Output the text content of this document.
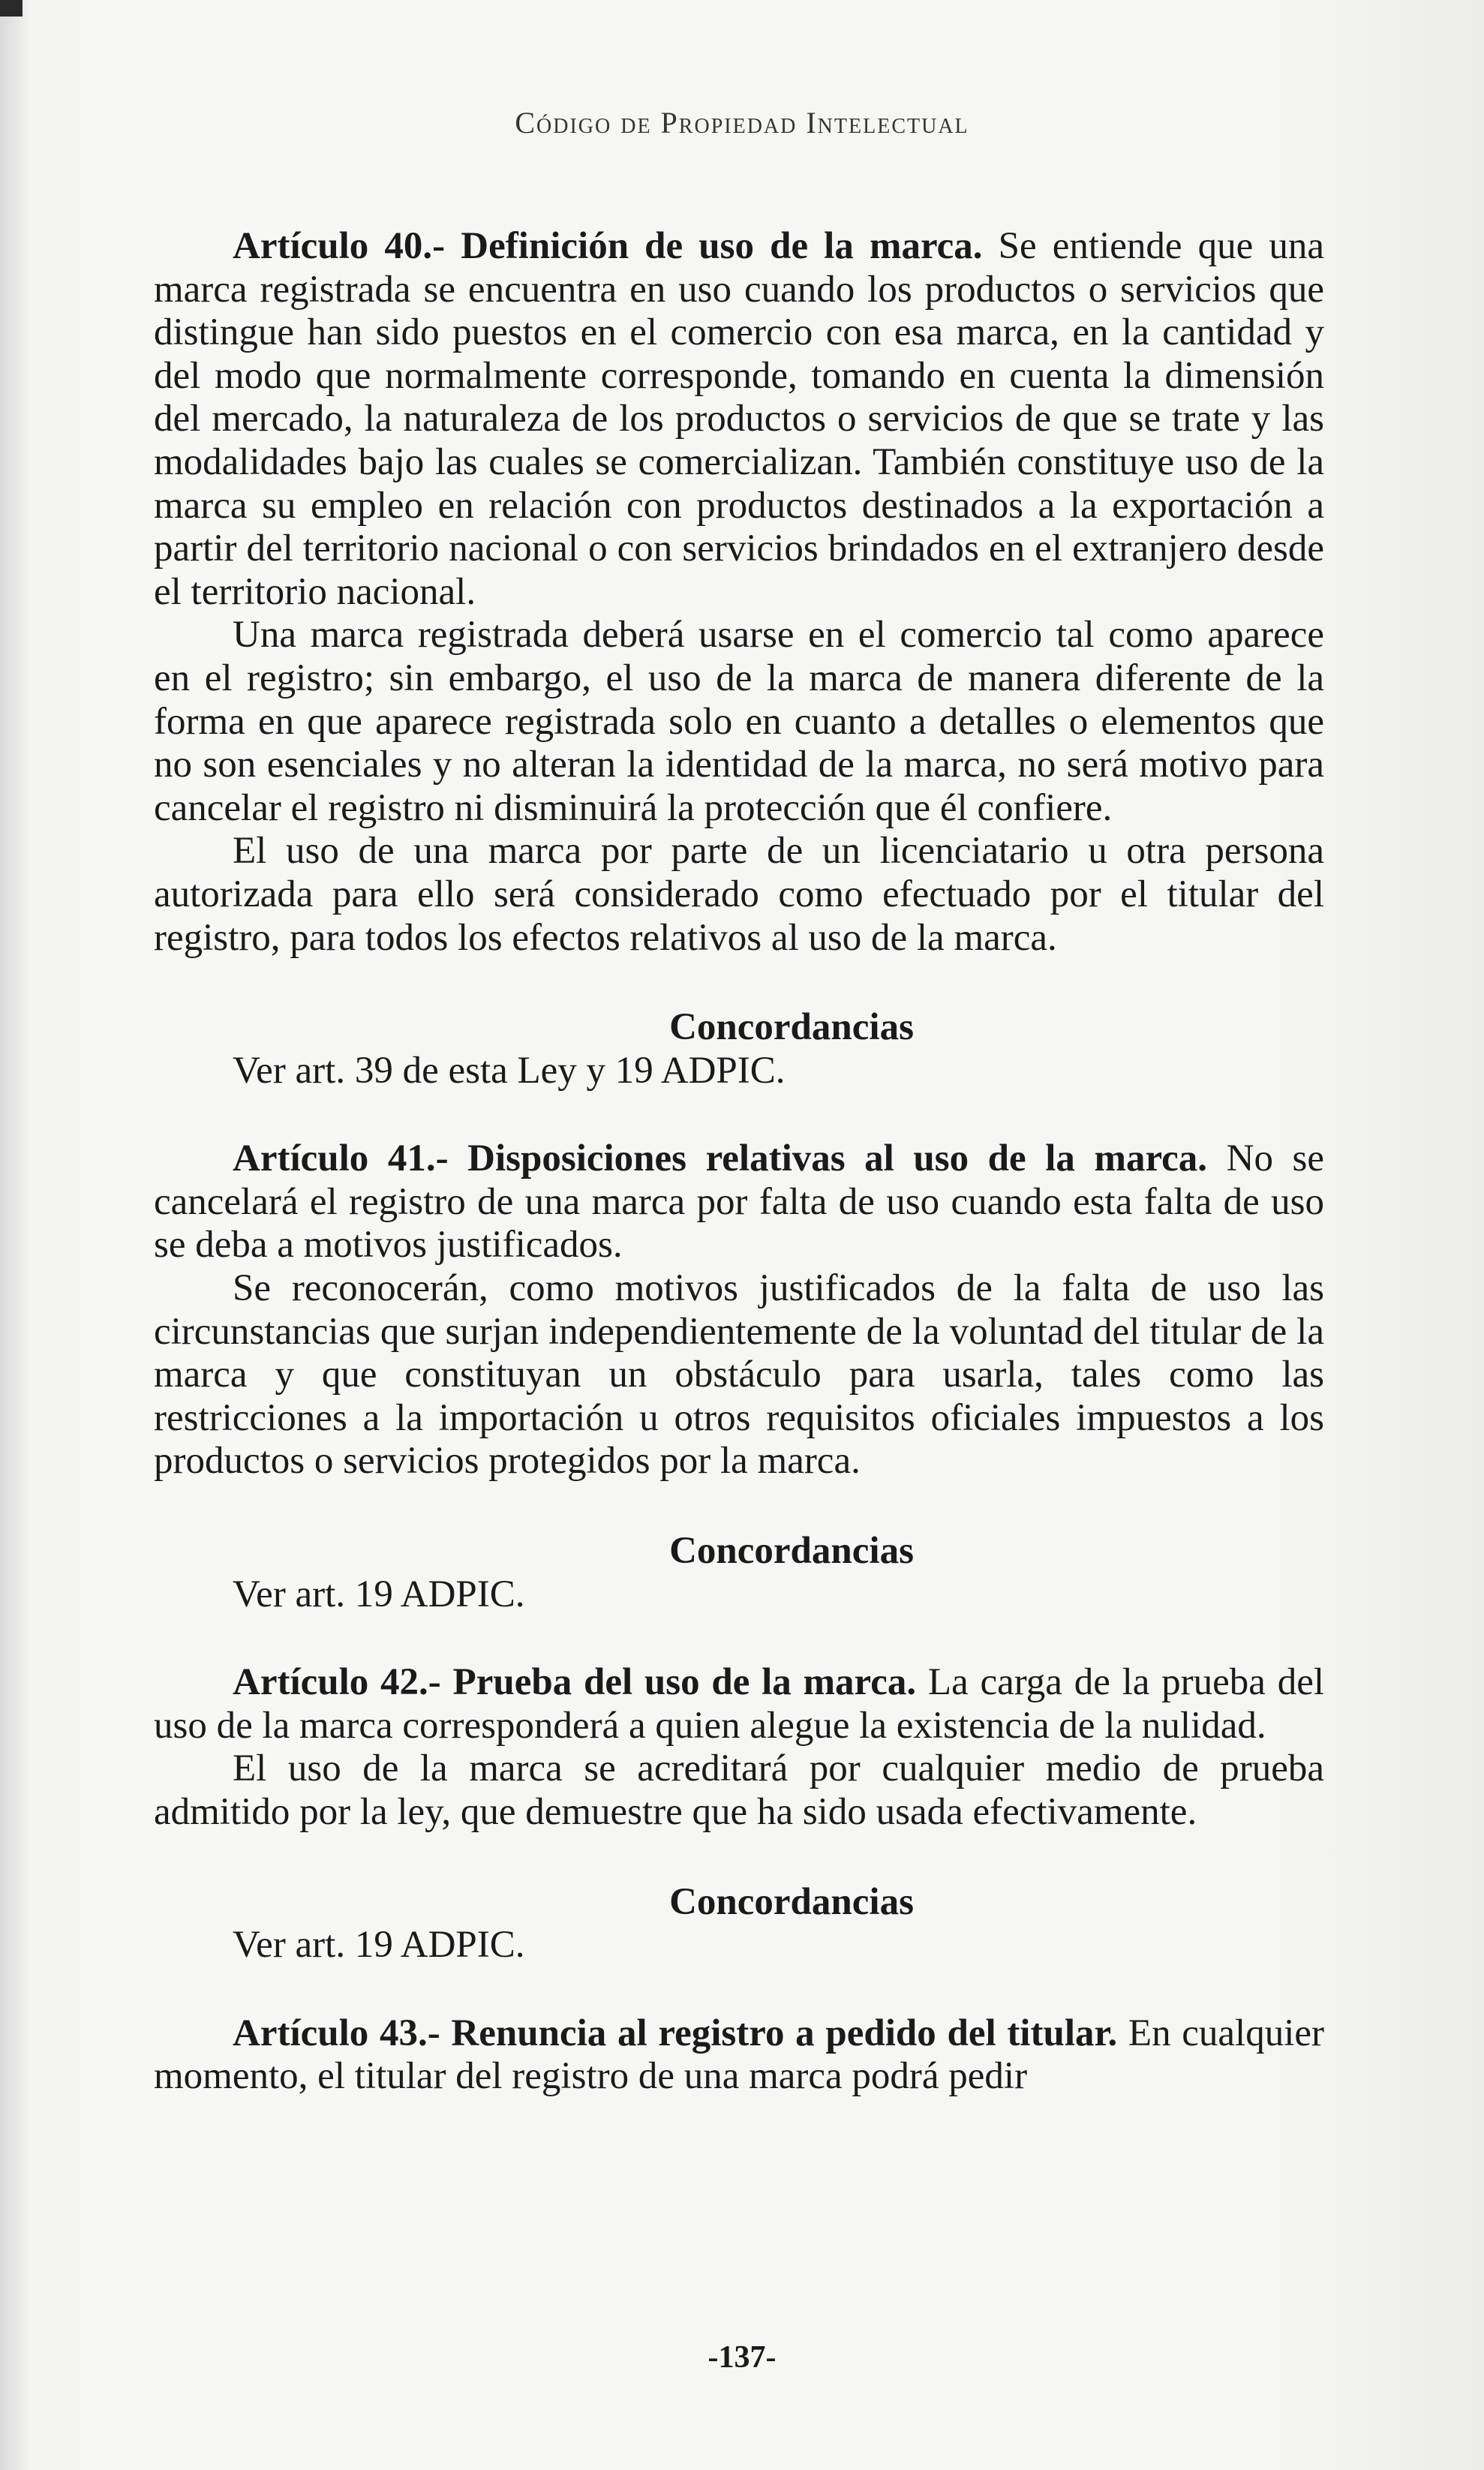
Código de Propiedad Intelectual

Artículo 40.- Definición de uso de la marca. Se entiende que una marca registrada se encuentra en uso cuando los productos o servicios que distingue han sido puestos en el comercio con esa marca, en la cantidad y del modo que normalmente corresponde, tomando en cuenta la dimensión del mercado, la naturaleza de los productos o servicios de que se trate y las modalidades bajo las cuales se comercializan. También constituye uso de la marca su empleo en relación con productos destinados a la exportación a partir del territorio nacional o con servicios brindados en el extranjero desde el territorio nacional.

Una marca registrada deberá usarse en el comercio tal como aparece en el registro; sin embargo, el uso de la marca de manera diferente de la forma en que aparece registrada solo en cuanto a detalles o elementos que no son esenciales y no alteran la identidad de la marca, no será motivo para cancelar el registro ni disminuirá la protección que él confiere.

El uso de una marca por parte de un licenciatario u otra persona autorizada para ello será considerado como efectuado por el titular del registro, para todos los efectos relativos al uso de la marca.

Concordancias
Ver art. 39 de esta Ley y 19 ADPIC.

Artículo 41.- Disposiciones relativas al uso de la marca. No se cancelará el registro de una marca por falta de uso cuando esta falta de uso se deba a motivos justificados.

Se reconocerán, como motivos justificados de la falta de uso las circunstancias que surjan independientemente de la voluntad del titular de la marca y que constituyan un obstáculo para usarla, tales como las restricciones a la importación u otros requisitos oficiales impuestos a los productos o servicios protegidos por la marca.

Concordancias
Ver art. 19 ADPIC.

Artículo 42.- Prueba del uso de la marca. La carga de la prueba del uso de la marca corresponderá a quien alegue la existencia de la nulidad.

El uso de la marca se acreditará por cualquier medio de prueba admitido por la ley, que demuestre que ha sido usada efectivamente.

Concordancias
Ver art. 19 ADPIC.

Artículo 43.- Renuncia al registro a pedido del titular. En cualquier momento, el titular del registro de una marca podrá pedir

-137-
